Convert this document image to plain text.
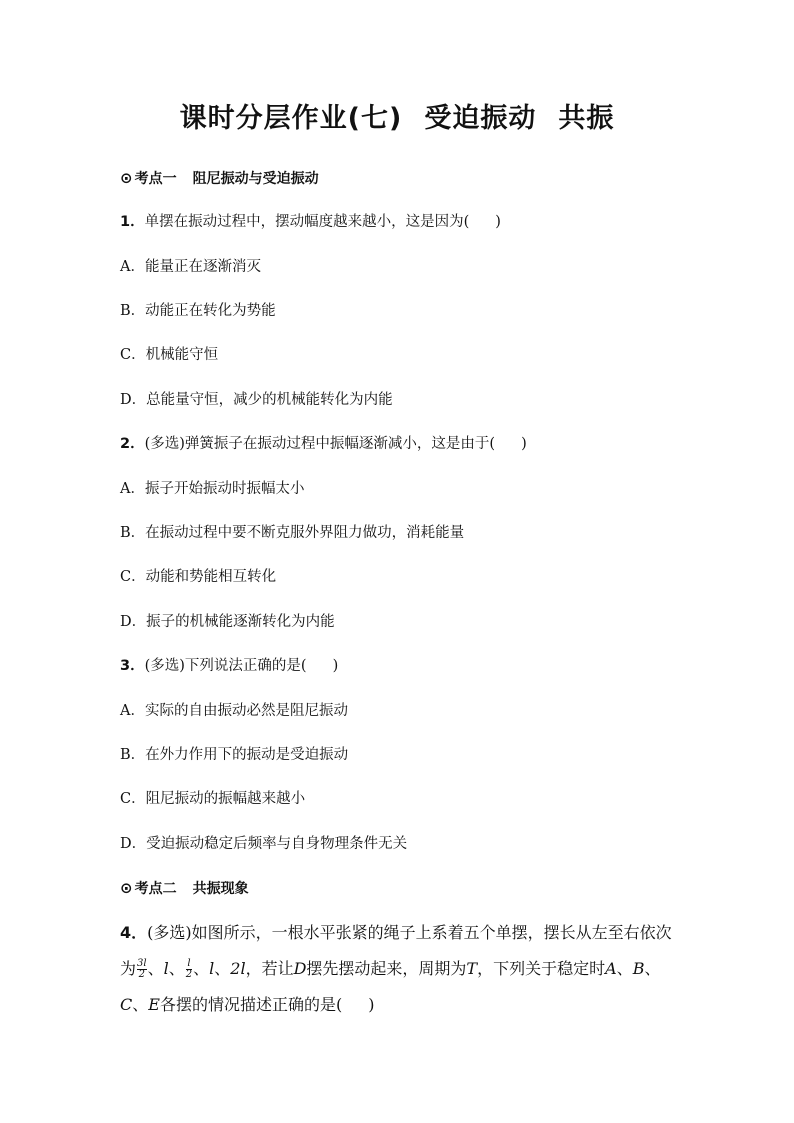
课时分层作业(七) 受迫振动 共振
⊙ 考点一 阻尼振动与受迫振动
1．单摆在振动过程中，摆动幅度越来越小，这是因为( )
A．能量正在逐渐消灭
B．动能正在转化为势能
C．机械能守恒
D．总能量守恒，减少的机械能转化为内能
2．(多选)弹簧振子在振动过程中振幅逐渐减小，这是由于( )
A．振子开始振动时振幅太小
B．在振动过程中要不断克服外界阻力做功，消耗能量
C．动能和势能相互转化
D．振子的机械能逐渐转化为内能
3．(多选)下列说法正确的是( )
A．实际的自由振动必然是阻尼振动
B．在外力作用下的振动是受迫振动
C．阻尼振动的振幅越来越小
D．受迫振动稳定后频率与自身物理条件无关
⊙ 考点二 共振现象
4．(多选)如图所示，一根水平张紧的绳子上系着五个单摆，摆长从左至右依次
为 $\frac{3l}{2}$ 、l、 $\frac{l}{2}$ 、l、2l，若让D摆先摆动起来，周期为T，下列关于稳定时A、B、
C、E各摆的情况描述正确的是( )
